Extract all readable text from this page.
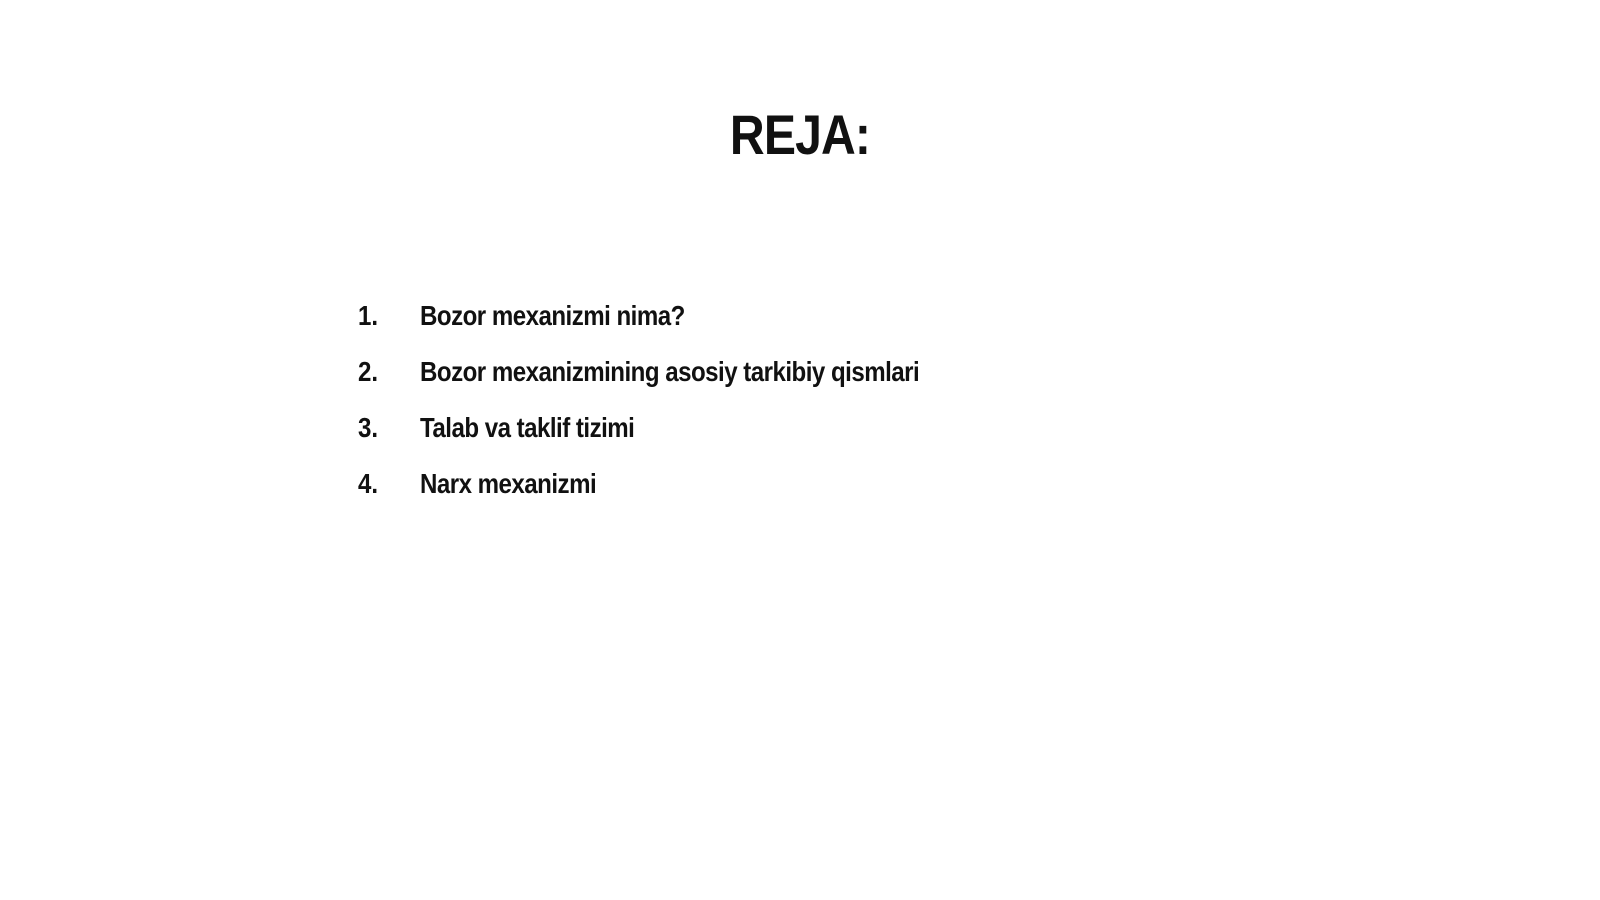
REJA:
1.	Bozor mexanizmi nima?
2.	Bozor mexanizmining asosiy tarkibiy qismlari
3.	Talab va taklif tizimi
4.	Narx mexanizmi
